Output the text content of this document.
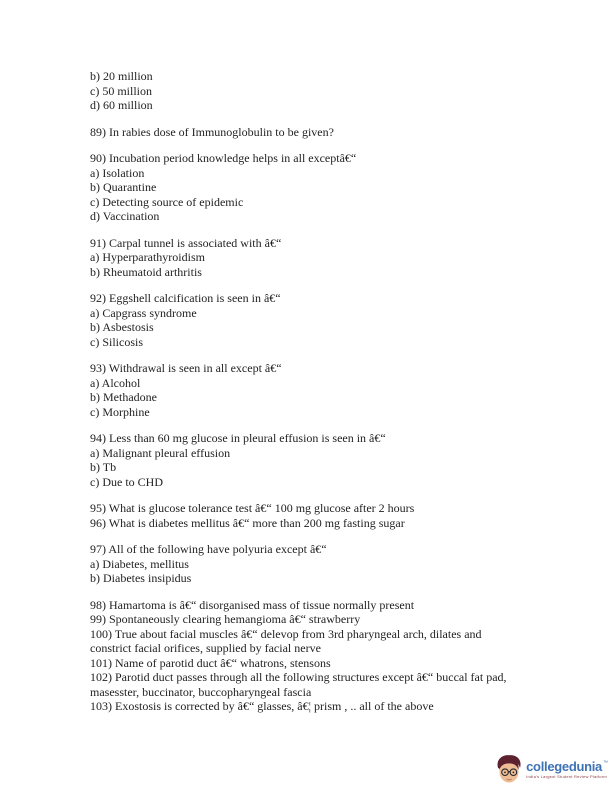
b) 20 million
c) 50 million
d) 60 million
89) In rabies dose of Immunoglobulin to be given?
90) Incubation period knowledge helps in all exceptâ€“
a) Isolation
b) Quarantine
c) Detecting source of epidemic
d) Vaccination
91) Carpal tunnel is associated with â€“
a) Hyperparathyroidism
b) Rheumatoid arthritis
92) Eggshell calcification is seen in â€“
a) Capgrass syndrome
b) Asbestosis
c) Silicosis
93) Withdrawal is seen in all except â€“
a) Alcohol
b) Methadone
c) Morphine
94) Less than 60 mg glucose in pleural effusion is seen in â€“
a) Malignant pleural effusion
b) Tb
c) Due to CHD
95) What is glucose tolerance test â€“ 100 mg glucose after 2 hours
96) What is diabetes mellitus â€“ more than 200 mg fasting sugar
97) All of the following have polyuria except â€“
a) Diabetes, mellitus
b) Diabetes insipidus
98) Hamartoma is â€“ disorganised mass of tissue normally present
99) Spontaneously clearing hemangioma â€“ strawberry
100) True about facial muscles â€“ delevop from 3rd pharyngeal arch, dilates and
constrict facial orifices, supplied by facial nerve
101) Name of parotid duct â€“ whatrons, stensons
102) Parotid duct passes through all the following structures except â€“ buccal fat pad,
masesster, buccinator, buccopharyngeal fascia
103) Exostosis is corrected by â€“ glasses, â€¦ prism , .. all of the above
collegedunia ™
India's Largest Student Review Platform
